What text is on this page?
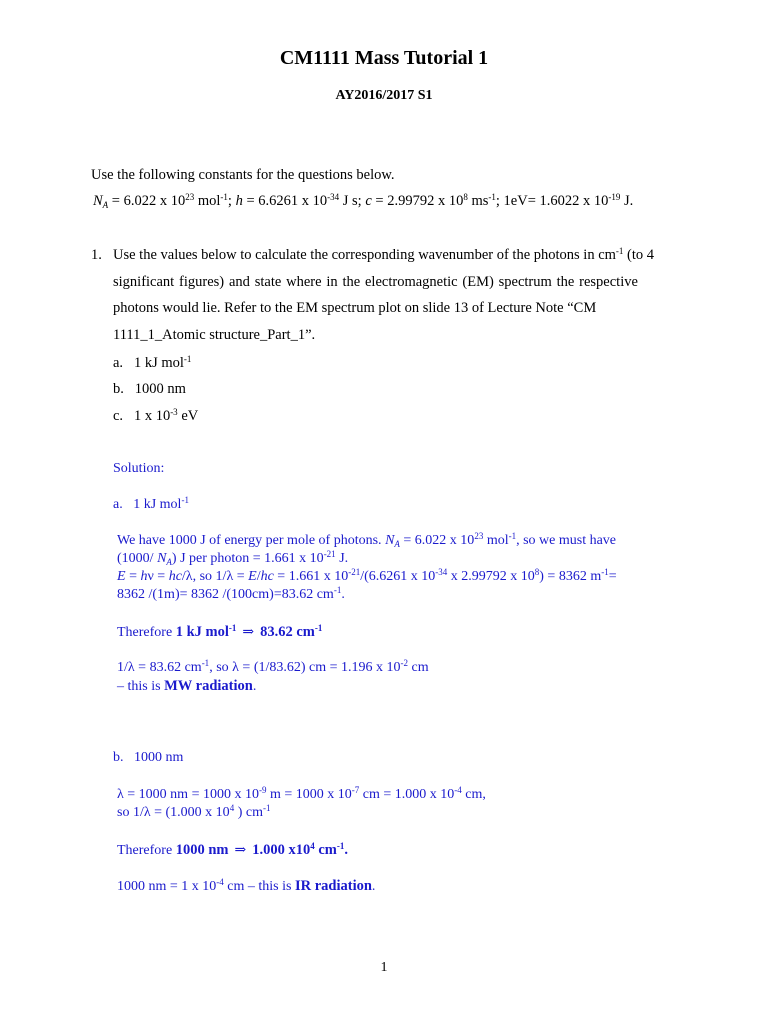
CM1111 Mass Tutorial 1
AY2016/2017 S1
Use the following constants for the questions below.
$N_A = 6.022$ x $10^{23}$ mol$^{-1}$; h = 6.6261 x $10^{-34}$ J s; c = 2.99792 x $10^8$ $ms^{-1}$; 1eV= 1.6022 x $10^{-19}$ J.
1. Use the values below to calculate the corresponding wavenumber of the photons in $cm^{-1}$ (to 4
significant figures) and state where in the electromagnetic (EM) spectrum the respective
photons would lie. Refer to the EM spectrum plot on slide 13 of Lecture Note “CM
1111_1_Atomic structure_Part_1”.
a. 1 kJ mol$^{-1}$
b. 1000 nm
c. 1 x $10^{-3}$ eV
Solution:
a. 1 kJ mol$^{-1}$
We have 1000 J of energy per mole of photons. $N_A = 6.022$ x $10^{23}$ mol$^{-1}$, so we must have
(1000/ $N_A$) J per photon = 1.661 x $10^{-21}$ J.
E = hν = hc/λ, so 1/λ = E/hc = 1.661 x $10^{-21}/(6.6261$ x $10^{-34}$ x 2.99792 x $10^8) = 8362$ $m^{-1}=$
8362 /(1m)= 8362 /(100cm)=83.62 $cm^{-1}$.
Therefore 1 kJ mol$^{-1}$ ⇒ 83.62 $cm^{-1}$
1/λ = 83.62 $cm^{-1}$, so λ = (1/83.62) cm = 1.196 x $10^{-2}$ cm
– this is MW radiation.
b. 1000 nm
λ = 1000 nm = 1000 x $10^{-9}$ m = 1000 x $10^{-7}$ cm = 1.000 x $10^{-4}$ cm,
so 1/λ = (1.000 x $10^4$ ) $cm^{-1}$
Therefore 1000 nm ⇒ 1.000 $x10^4$ $cm^{-1}$.
1000 nm = 1 x $10^{-4}$ cm – this is IR radiation.
1
